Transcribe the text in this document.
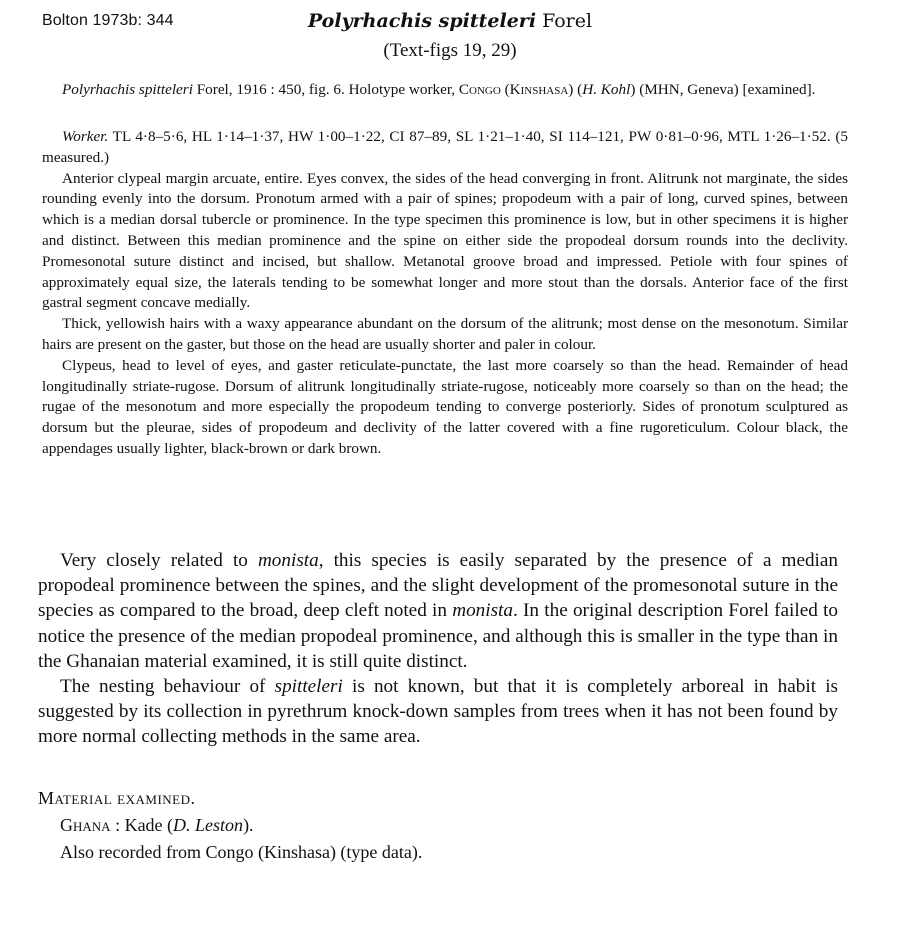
Bolton 1973b: 344	Polyrhachis spitteleri Forel
(Text-figs 19, 29)

Polyrhachis spitteleri Forel, 1916 : 450, fig. 6. Holotype worker, Congo (Kinshasa) (H. Kohl) (MHN, Geneva) [examined].

Worker. TL 4·8–5·6, HL 1·14–1·37, HW 1·00–1·22, CI 87–89, SL 1·21–1·40, SI 114–121, PW 0·81–0·96, MTL 1·26–1·52. (5 measured.)

Anterior clypeal margin arcuate, entire. Eyes convex, the sides of the head converging in front. Alitrunk not marginate, the sides rounding evenly into the dorsum. Pronotum armed with a pair of spines; propodeum with a pair of long, curved spines, between which is a median dorsal tubercle or prominence. In the type specimen this prominence is low, but in other specimens it is higher and distinct. Between this median prominence and the spine on either side the propodeal dorsum rounds into the declivity. Promesonotal suture distinct and incised, but shallow. Metanotal groove broad and impressed. Petiole with four spines of approximately equal size, the laterals tending to be somewhat longer and more stout than the dorsals. Anterior face of the first gastral segment concave medially.

Thick, yellowish hairs with a waxy appearance abundant on the dorsum of the alitrunk; most dense on the mesonotum. Similar hairs are present on the gaster, but those on the head are usually shorter and paler in colour.

Clypeus, head to level of eyes, and gaster reticulate-punctate, the last more coarsely so than the head. Remainder of head longitudinally striate-rugose. Dorsum of alitrunk longitudinally striate-rugose, noticeably more coarsely so than on the head; the rugae of the mesonotum and more especially the propodeum tending to converge posteriorly. Sides of pronotum sculptured as dorsum but the pleurae, sides of propodeum and declivity of the latter covered with a fine rugoreticulum. Colour black, the appendages usually lighter, black-brown or dark brown.

Very closely related to monista, this species is easily separated by the presence of a median propodeal prominence between the spines, and the slight development of the promesonotal suture in the species as compared to the broad, deep cleft noted in monista. In the original description Forel failed to notice the presence of the median propodeal prominence, and although this is smaller in the type than in the Ghanaian material examined, it is still quite distinct.

The nesting behaviour of spitteleri is not known, but that it is completely arboreal in habit is suggested by its collection in pyrethrum knock-down samples from trees when it has not been found by more normal collecting methods in the same area.

Material examined.
Ghana : Kade (D. Leston).
Also recorded from Congo (Kinshasa) (type data).
